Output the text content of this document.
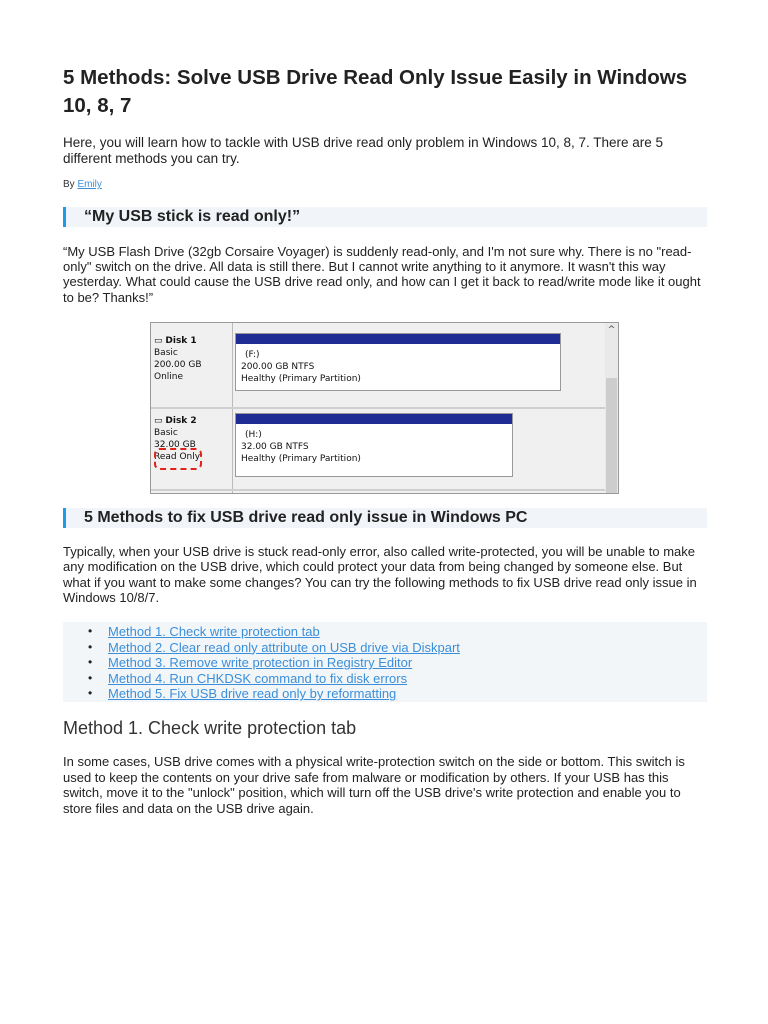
5 Methods: Solve USB Drive Read Only Issue Easily in Windows 10, 8, 7

Here, you will learn how to tackle with USB drive read only problem in Windows 10, 8, 7. There are 5 different methods you can try.

By Emily
“My USB stick is read only!”

“My USB Flash Drive (32gb Corsaire Voyager) is suddenly read-only, and I'm not sure why. There is no "read-only" switch on the drive. All data is still there. But I cannot write anything to it anymore. It wasn't this way yesterday. What could cause the USB drive read only, and how can I get it back to read/write mode like it ought to be? Thanks!”

▭ Disk 1
Basic
200.00 GB
Online
(F:)
200.00 GB NTFS
Healthy (Primary Partition)
▭ Disk 2
Basic
32.00 GB
Read Only
(H:)
32.00 GB NTFS
Healthy (Primary Partition)
^
5 Methods to fix USB drive read only issue in Windows PC

Typically, when your USB drive is stuck read-only error, also called write-protected, you will be unable to make any modification on the USB drive, which could protect your data from being changed by someone else. But what if you want to make some changes? You can try the following methods to fix USB drive read only issue in Windows 10/8/7.

• Method 1. Check write protection tab
• Method 2. Clear read only attribute on USB drive via Diskpart
• Method 3. Remove write protection in Registry Editor
• Method 4. Run CHKDSK command to fix disk errors
• Method 5. Fix USB drive read only by reformatting
Method 1. Check write protection tab

In some cases, USB drive comes with a physical write-protection switch on the side or bottom. This switch is used to keep the contents on your drive safe from malware or modification by others. If your USB has this switch, move it to the "unlock" position, which will turn off the USB drive's write protection and enable you to store files and data on the USB drive again.
